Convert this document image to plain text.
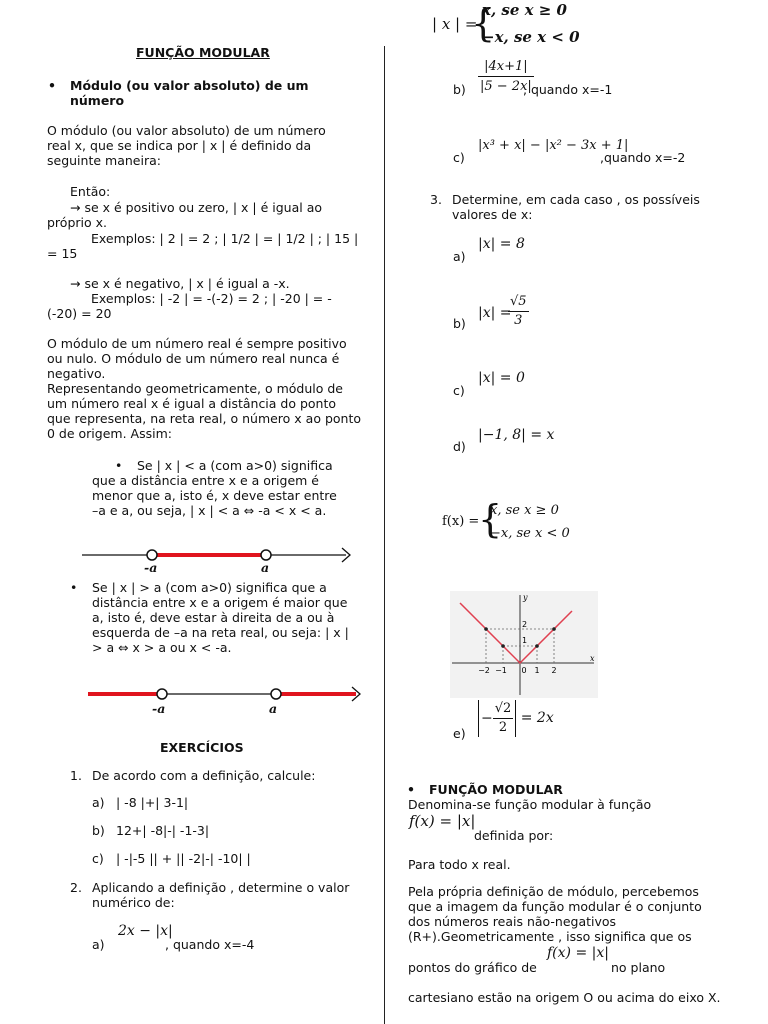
FUNÇÃO MODULAR
• Módulo (ou valor absoluto) de um número
O módulo (ou valor absoluto) de um número real x, que se indica por | x | é definido da seguinte maneira:
Então:
→ se x é positivo ou zero, | x | é igual ao próprio x.
Exemplos: | 2 | = 2 ; | 1/2 | = | 1/2 | ; | 15 | = 15
→ se x é negativo, | x | é igual a -x.
Exemplos: | -2 | = -(-2) = 2 ; | -20 | = -(-20) = 20
O módulo de um número real é sempre positivo ou nulo. O módulo de um número real nunca é negativo.
Representando geometricamente, o módulo de um número real x é igual a distância do ponto que representa, na reta real, o número x ao ponto 0 de origem. Assim:
• Se | x | < a (com a>0) significa que a distância entre x e a origem é menor que a, isto é, x deve estar entre –a e a, ou seja, | x | < a ⇔ -a < x < a.
-a	a
• Se | x | > a (com a>0) significa que a distância entre x e a origem é maior que a, isto é, deve estar à direita de a ou à esquerda de –a na reta real, ou seja: | x | > a ⇔ x > a ou x < -a.
-a	a
EXERCÍCIOS
1. De acordo com a definição, calcule:
a) | -8 |+| 3-1|
b) 12+| -8|-| -1-3|
c) | -|-5 || + || -2|-| -10| |
2. Aplicando a definição , determine o valor numérico de:
a)
2x − |x|
, quando x=-4
| x | =
{
x, se x ≥ 0
−x, se x < 0
$b) \frac{|4x+1|}{|5 - 2x|}$
, quando x=-1
c)
|x³ + x| − |x² − 3x + 1|
,quando x=-2
3. Determine, em cada caso , os possíveis valores de x:
a)
|x| = 8
b)
|x| =
$\frac{√5}{3}$
c)
|x| = 0
d)
|−1, 8| = x
f(x) =
{
x, se x ≥ 0
−x, se x < 0
−2 −1 0 1 2
2
1
x
y
e)
− $\frac{√2}{2} = 2x$
• FUNÇÃO MODULAR
Denomina-se função modular à função
f(x) = |x|
definida por:
Para todo x real.
Pela própria definição de módulo, percebemos que a imagem da função modular é o conjunto dos números reais não-negativos (R+).Geometricamente , isso significa que os
pontos do gráfico de
f(x) = |x|
no plano
cartesiano estão na origem O ou acima do eixo X.
